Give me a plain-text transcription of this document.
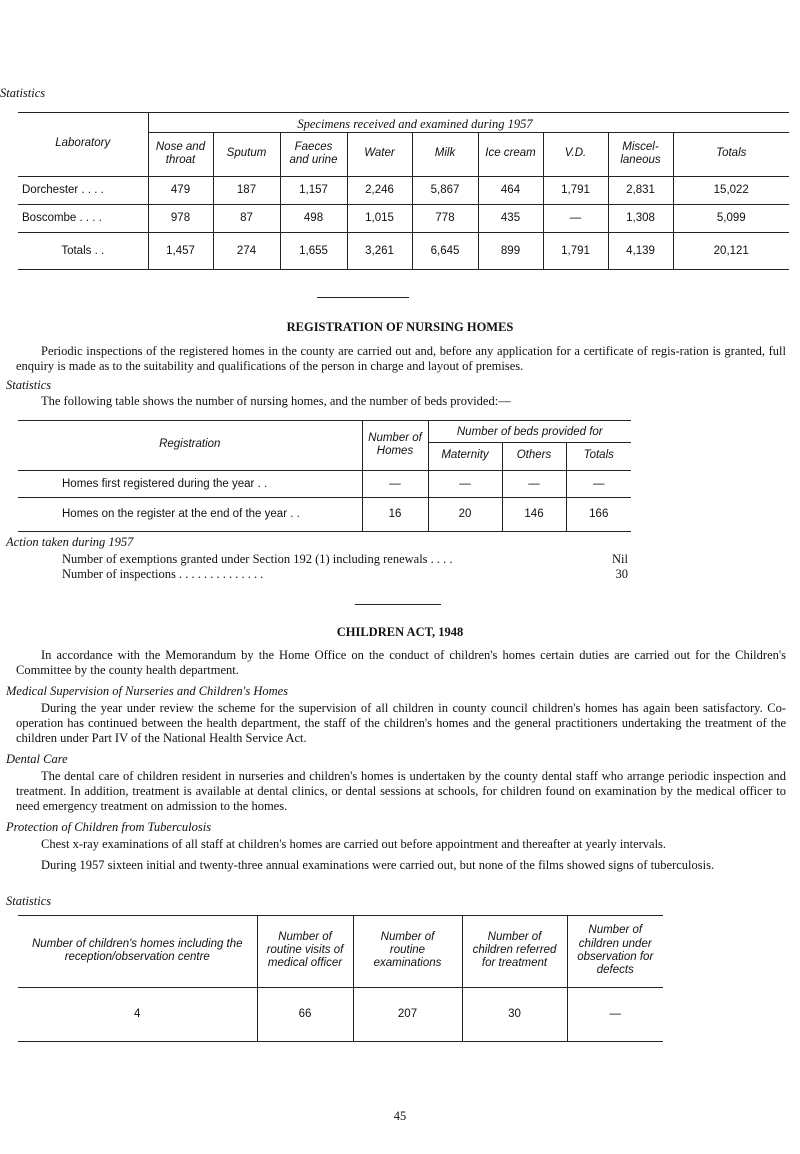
Statistics
Specimens received and examined during 1957
Laboratory									
	Nose and throat	Sputum	Faeces and urine	Water	Milk	Ice cream	V.D.	Miscel-laneous	Totals
Dorchester . . . .	479	187	1,157	2,246	5,867	464	1,791	2,831	15,022
Boscombe . . . .	978	87	498	1,015	778	435	—	1,308	5,099
Totals . .	1,457	274	1,655	3,261	6,645	899	1,791	4,139	20,121
REGISTRATION OF NURSING HOMES
Periodic inspections of the registered homes in the county are carried out and, before any application for a certificate of regis-ration is granted, full enquiry is made as to the suitability and qualifications of the person in charge and layout of premises.
Statistics
The following table shows the number of nursing homes, and the number of beds provided:—
Registration	Number of Homes	Number of beds provided for		
		Maternity	Others	Totals
Homes first registered during the year . .	—	—	—	—
Homes on the register at the end of the year . .	16	20	146	166
Action taken during 1957
Number of exemptions granted under Section 192 (1) including renewals . . . .	Nil
Number of inspections . . . . . . . . . . . . . .	30
CHILDREN ACT, 1948
In accordance with the Memorandum by the Home Office on the conduct of children's homes certain duties are carried out for the Children's Committee by the county health department.
Medical Supervision of Nurseries and Children's Homes
During the year under review the scheme for the supervision of all children in county council children's homes has again been satisfactory. Co-operation has continued between the health department, the staff of the children's homes and the general practitioners undertaking the treatment of the children under Part IV of the National Health Service Act.
Dental Care
The dental care of children resident in nurseries and children's homes is undertaken by the county dental staff who arrange periodic inspection and treatment. In addition, treatment is available at dental clinics, or dental sessions at schools, for children found on examination by the medical officer to need emergency treatment on admission to the homes.
Protection of Children from Tuberculosis
Chest x-ray examinations of all staff at children's homes are carried out before appointment and thereafter at yearly intervals.
During 1957 sixteen initial and twenty-three annual examinations were carried out, but none of the films showed signs of tuberculosis.
Statistics
Number of children's homes including the reception/observation centre	Number of routine visits of medical officer	Number of routine examinations	Number of children referred for treatment	Number of children under observation for defects
4	66	207	30	—
45
